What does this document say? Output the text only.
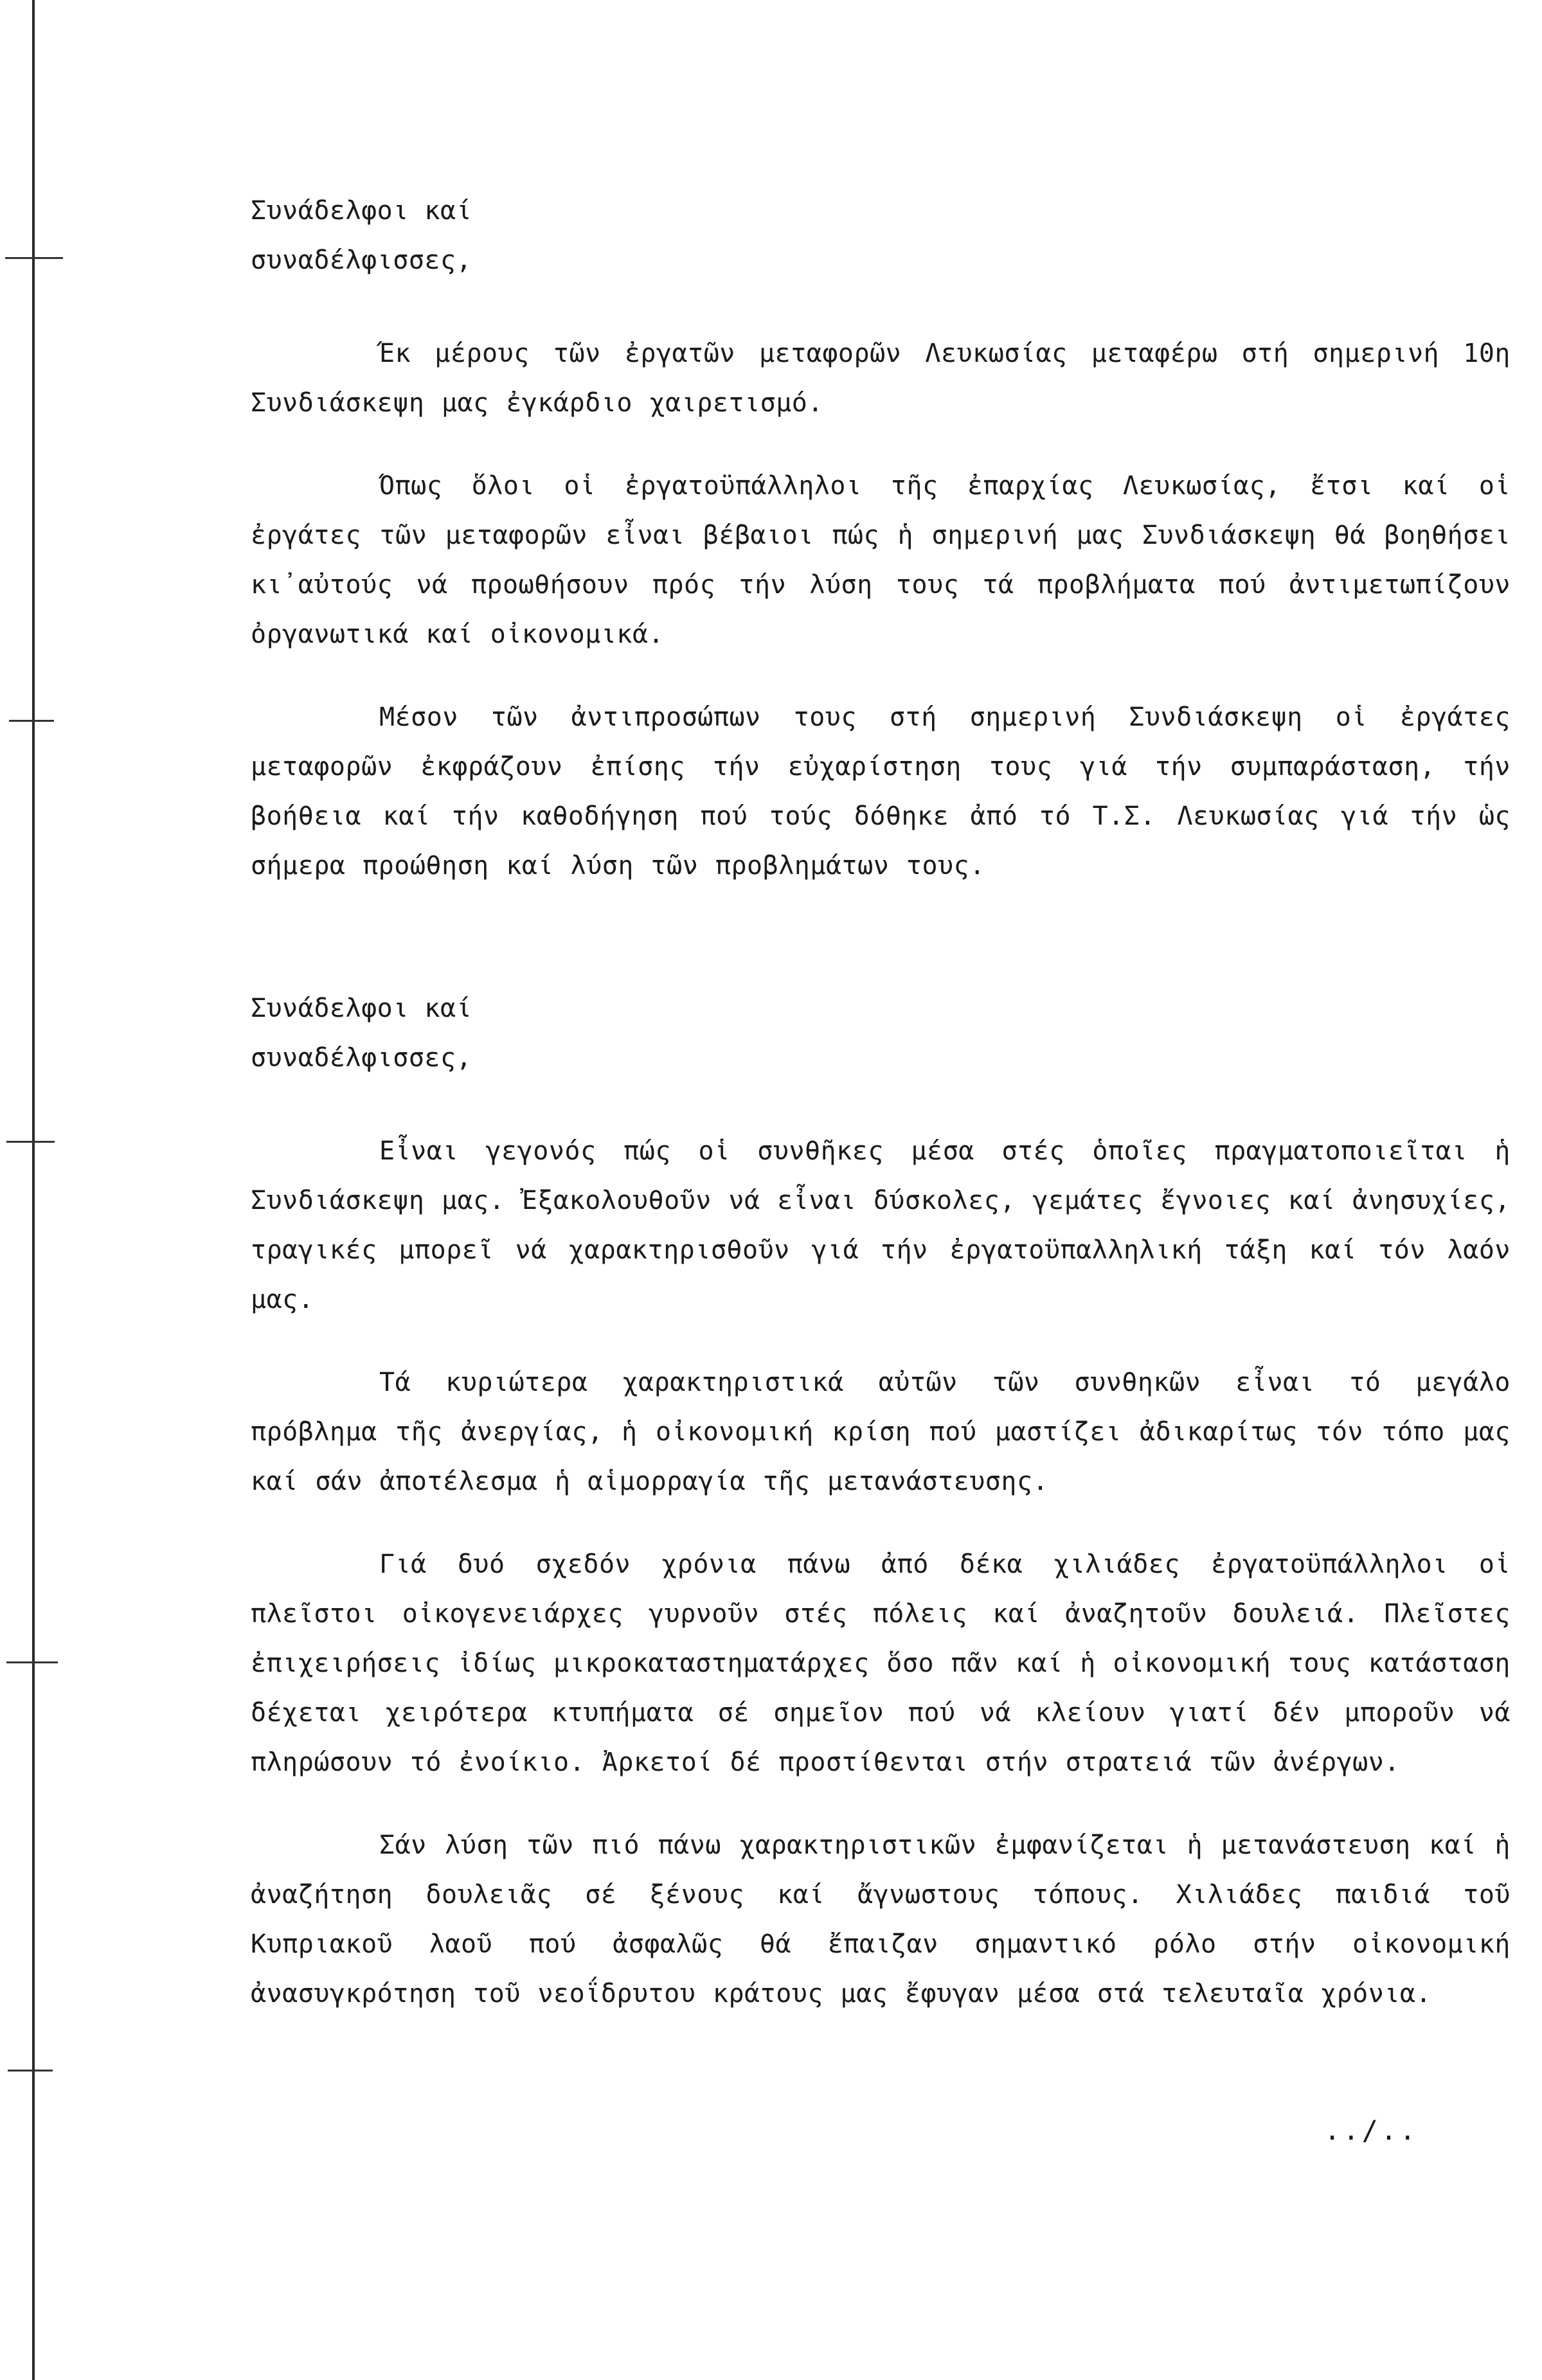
Συνάδελφοι καί
συναδέλφισσες,

Έκ μέρους τῶν ἐργατῶν μεταφορῶν Λευκωσίας μεταφέρω στή σημερινή 10η Συνδιάσκεψη μας ἐγκάρδιο χαιρετισμό.

Όπως ὅλοι οἱ ἐργατοϋπάλληλοι τῆς ἐπαρχίας Λευκωσίας, ἔτσι καί οἱ ἐργάτες τῶν μεταφορῶν εἶναι βέβαιοι πώς ἡ σημερινή μας Συνδιάσκεψη θά βοηθήσει κι᾽αὐτούς νά προωθήσουν πρός τήν λύση τους τά προβλήματα πού ἀντιμετωπίζουν ὀργανωτικά καί οἰκονομικά.

Μέσον τῶν ἀντιπροσώπων τους στή σημερινή Συνδιάσκεψη οἱ ἐργάτες μεταφορῶν ἐκφράζουν ἐπίσης τήν εὐχαρίστηση τους γιά τήν συμπαράσταση, τήν βοήθεια καί τήν καθοδήγηση πού τούς δόθηκε ἀπό τό Τ.Σ. Λευκωσίας γιά τήν ὡς σήμερα προώθηση καί λύση τῶν προβλημάτων τους.

Συνάδελφοι καί
συναδέλφισσες,

Εἶναι γεγονός πώς οἱ συνθῆκες μέσα στές ὁποῖες πραγματοποιεῖται ἡ Συνδιάσκεψη μας. Ἐξακολουθοῦν νά εἶναι δύσκολες, γεμάτες ἔγνοιες καί ἀνησυχίες, τραγικές μπορεῖ νά χαρακτηρισθοῦν γιά τήν ἐργατοϋπαλληλική τάξη καί τόν λαόν μας.

Τά κυριώτερα χαρακτηριστικά αὐτῶν τῶν συνθηκῶν εἶναι τό μεγάλο πρόβλημα τῆς ἀνεργίας, ἡ οἰκονομική κρίση πού μαστίζει ἀδικαρίτως τόν τόπο μας καί σάν ἀποτέλεσμα ἡ αἱμορραγία τῆς μετανάστευσης.

Γιά δυό σχεδόν χρόνια πάνω ἀπό δέκα χιλιάδες ἐργατοϋπάλληλοι οἱ πλεῖστοι οἰκογενειάρχες γυρνοῦν στές πόλεις καί ἀναζητοῦν δουλειά. Πλεῖστες ἐπιχειρήσεις ἰδίως μικροκαταστηματάρχες ὅσο πᾶν καί ἡ οἰκονομική τους κατάσταση δέχεται χειρότερα κτυπήματα σέ σημεῖον πού νά κλείουν γιατί δέν μποροῦν νά πληρώσουν τό ἐνοίκιο. Ἀρκετοί δέ προστίθενται στήν στρατειά τῶν ἀνέργων.

Σάν λύση τῶν πιό πάνω χαρακτηριστικῶν ἐμφανίζεται ἡ μετανάστευση καί ἡ ἀναζήτηση δουλειᾶς σέ ξένους καί ἄγνωστους τόπους. Χιλιάδες παιδιά τοῦ Κυπριακοῦ λαοῦ πού ἀσφαλῶς θά ἔπαιζαν σημαντικό ρόλο στήν οἰκονομική ἀνασυγκρότηση τοῦ νεοΐδρυτου κράτους μας ἔφυγαν μέσα στά τελευταῖα χρόνια.

../..
